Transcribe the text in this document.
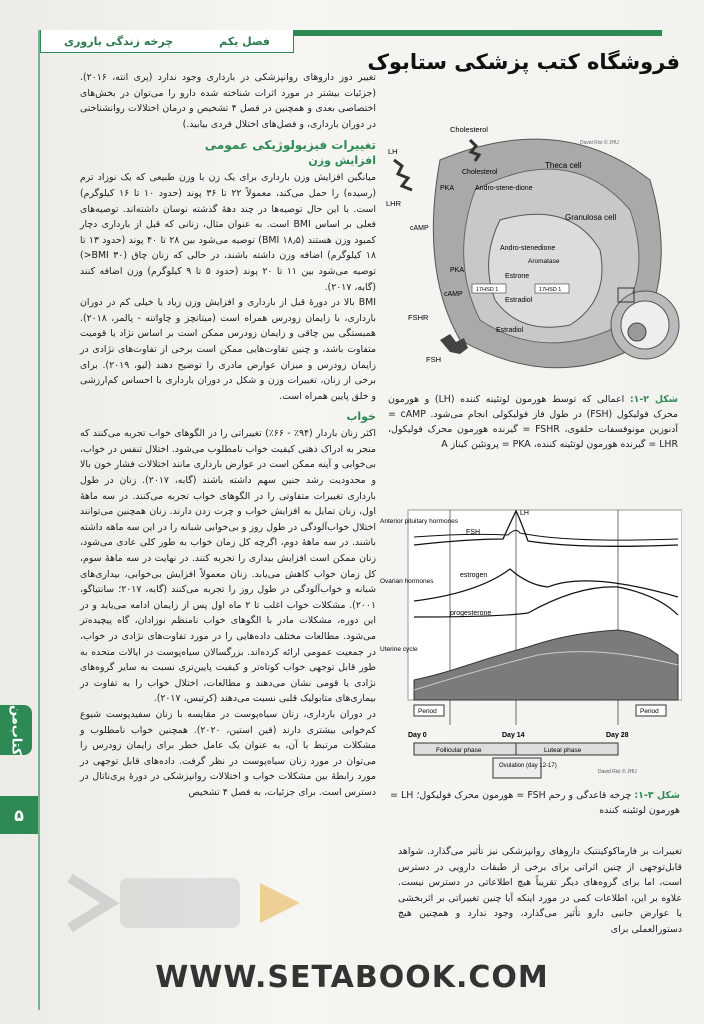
فصل یکم
چرخه زندگی باروری
فروشگاه کتب پزشکی ستابوک

تغییر دوز داروهای روانپزشکی در بارداری وجود ندارد (پری انته، ۲۰۱۶). (جزئیات بیشتر در مورد اثرات شناخته شده دارو را می‌توان در بخش‌های اختصاصی بعدی و همچنین در فصل ۴ تشخیص و درمان اختلالات روانشناختی در دوران بارداری، و فصل‌های اختلال فردی بیابید.)

تغییرات فیزیولوژیکی عمومی
افزایش وزن

میانگین افزایش وزن بارداری برای یک زن با وزن طبیعی که یک نوزاد ترم (رسیده) را حمل می‌کند، معمولاً ۲۲ تا ۳۶ پوند (حدود ۱۰ تا ۱۶ کیلوگرم) است. با این حال توصیه‌ها در چند دههٔ گذشته نوسان داشته‌اند. توصیه‌های فعلی بر اساس BMI است. به عنوان مثال، زنانی که قبل از بارداری دچار کمبود وزن هستند (BMI ۱۸٫۵) توصیه می‌شود بین ۲۸ تا ۴۰ پوند (حدود ۱۳ تا ۱۸ کیلوگرم) اضافه وزن داشته باشند، در حالی که زنان چاق (BMI ۳۰<) توصیه می‌شود بین ۱۱ تا ۲۰ پوند (حدود ۵ تا ۹ کیلوگرم) وزن اضافه کنند (گابه، ۲۰۱۷).

BMI بالا در دورهٔ قبل از بارداری و افزایش وزن زیاد یا خیلی کم در دوران بارداری، با زایمان زودرس همراه است (میتانچز و چاواتنه - پالمر، ۲۰۱۸). همبستگی بین چاقی و زایمان زودرس ممکن است بر اساس نژاد یا قومیت متفاوت باشد، و چنین تفاوت‌هایی ممکن است برخی از تفاوت‌های نژادی در زایمان زودرس و میزان عوارض مادری را توضیح دهند (لیو، ۲۰۱۹). برای برخی از زنان، تغییرات وزن و شکل در دوران بارداری با احساس کم‌ارزشی و خلق پایین همراه است.

خواب

اکثر زنان باردار (۹۴٪ - ۶۶٪) تغییراتی را در الگوهای خواب تجربه می‌کنند که منجر به ادراک ذهنی کیفیت خواب نامطلوب می‌شود. اختلال تنفس در خواب، بی‌خوابی و آپنه ممکن است در عوارض بارداری مانند اختلالات فشار خون بالا و محدودیت رشد جنین سهم داشته باشند (گابه، ۲۰۱۷). زنان در طول بارداری تغییرات متفاوتی را در الگوهای خواب تجربه می‌کنند. در سه ماههٔ اول، زنان تمایل به افزایش خواب و چرت زدن دارند. زنان همچنین می‌توانند اختلال خواب‌آلودگی در طول روز و بی‌خوابی شبانه را در این سه ماهه داشته باشند. در سه ماههٔ دوم، اگرچه کل زمان خواب به طور کلی عادی می‌شود، زنان ممکن است افزایش بیداری را تجربه کنند. در نهایت در سه ماههٔ سوم، کل زمان خواب کاهش می‌یابد. زنان معمولاً افزایش بی‌خوابی، بیداری‌های شبانه و خواب‌آلودگی در طول روز را تجربه می‌کنند (گابه، ۲۰۱۷؛ سانتیاگو، ۲۰۰۱). مشکلات خواب اغلب تا ۲ ماه اول پس از زایمان ادامه می‌یابد و در این دوره، مشکلات مادر با الگوهای خواب نامنظم نوزادان، گاه پیچیده‌تر می‌شود. مطالعات مختلف داده‌هایی را در مورد تفاوت‌های نژادی در خواب، در جمعیت عمومی ارائه کرده‌اند. بزرگسالان سیاه‌پوست در ایالات متحده به طور قابل توجهی خواب کوتاه‌تر و کیفیت پایین‌تری نسبت به سایر گروه‌های نژادی یا قومی نشان می‌دهند و مطالعات، اختلال خواب را به تفاوت در بیماری‌های متابولیک قلبی نسبت می‌دهند (کرتیس، ۲۰۱۷).

در دوران بارداری، زنان سیاه‌پوست در مقایسه با زنان سفیدپوست شیوع کم‌خوابی بیشتری دارند (فین استین، ۲۰۲۰). همچنین خواب نامطلوب و مشکلات مرتبط با آن، به عنوان یک عامل خطر برای زایمان زودرس را می‌توان در مورد زنان سیاه‌پوست در نظر گرفت. داده‌های قابل توجهی در مورد رابطهٔ بین مشکلات خواب و اختلالات روانپزشکی در دورهٔ پری‌ناتال در دسترس است. برای جزئیات، به فصل ۴ تشخیص

LH
LHR
cAMP
PKA
Cholesterol
Cholesterol
Andro-stene-dione
Theca cell
Granulosa cell
Andro-stenedione
Aromatase
Estrone
17HSD 1	17HSD 1
Estradiol
PKA
cAMP
Estradiol
FSHR
FSH
David Risi © JHU
شکل ۲-۱: اعمالی که توسط هورمون لوتئینه کننده (LH) و هورمون محرک فولیکول (FSH) در طول فاز فولیکولی انجام می‌شود. cAMP = آدنوزین مونوفسفات حلقوی، FSHR = گیرنده هورمون محرک فولیکول، LHR = گیرنده هورمون لوتئینه کننده، PKA = پروتئین کیناز A
Anterior pituitary hormones
Ovarian hormones
Uterine cycle
LH
FSH
estrogen
progesterone
Period	Period
Day 0	Day 14	Day 28
Follicular phase	Luteal phase
Ovulation (day 12-17)
David Risi © JHU
شکل ۳-۱: چرخه قاعدگی و رحم FSH = هورمون محرک فولیکول؛ LH = هورمون لوتئینه کننده

تغییرات بر فارماکوکینتیک داروهای روانپزشکی نیز تأثیر می‌گذارد. شواهد قابل‌توجهی از چنین اثراتی برای برخی از طبقات دارویی در دسترس است، اما برای گروه‌های دیگر تقریباً هیچ اطلاعاتی در دسترس نیست. علاوه بر این، اطلاعات کمی در مورد اینکه آیا چنین تغییراتی بر اثربخشی یا عوارض جانبی دارو تأثیر می‌گذارد، وجود ندارد و همچنین هیچ دستورالعملی برای

کتاب‌من
۵
WWW.SETABOOK.COM
